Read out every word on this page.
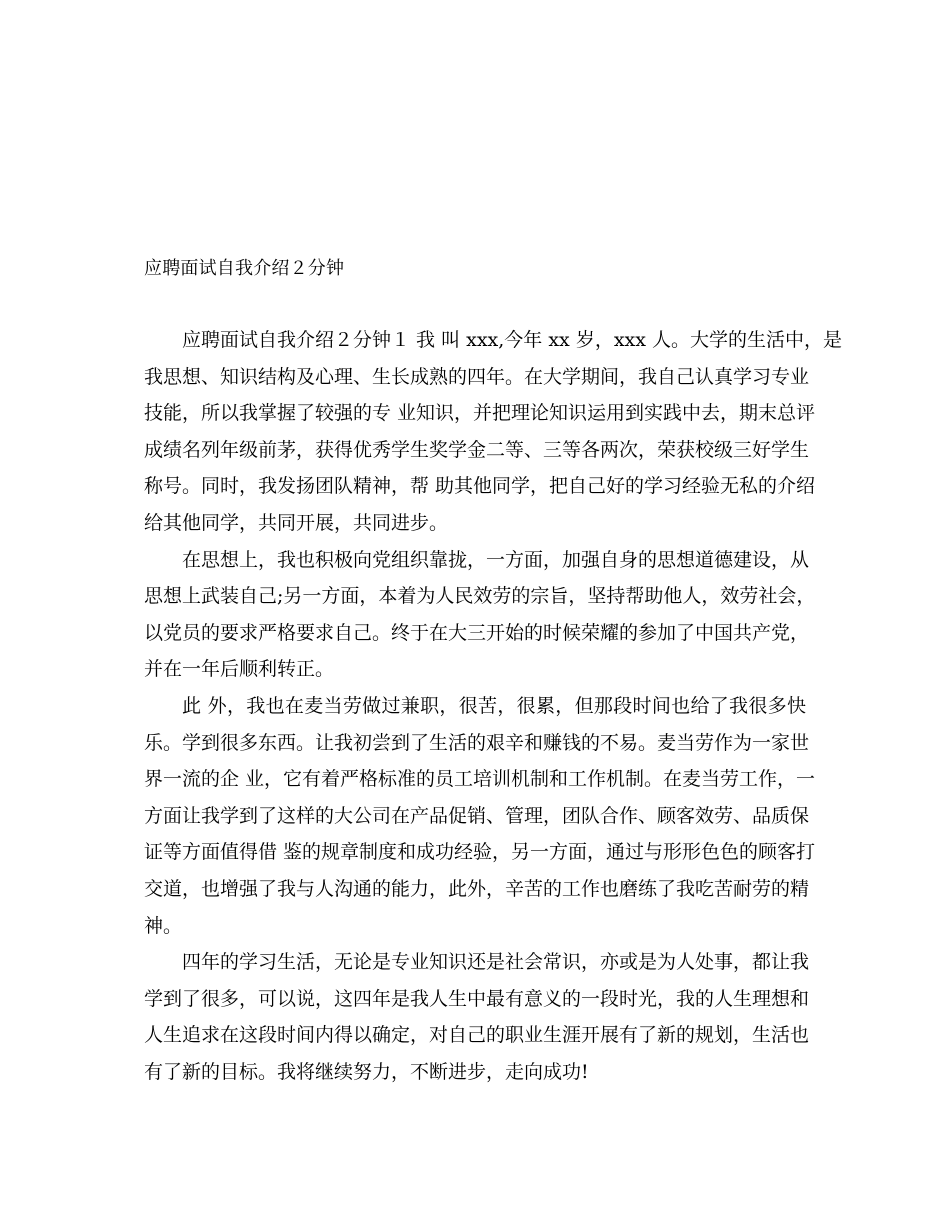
应聘面试自我介绍２分钟
应聘面试自我介绍２分钟１ 我 叫 xxx,今年 xx 岁，xxx 人。大学的生活中，是
我思想、知识结构及心理、生长成熟的四年。在大学期间，我自己认真学习专业
技能，所以我掌握了较强的专 业知识，并把理论知识运用到实践中去，期末总评
成绩名列年级前茅，获得优秀学生奖学金二等、三等各两次，荣获校级三好学生
称号。同时，我发扬团队精神，帮 助其他同学，把自己好的学习经验无私的介绍
给其他同学，共同开展，共同进步。
在思想上，我也积极向党组织靠拢，一方面，加强自身的思想道德建设，从
思想上武装自己;另一方面，本着为人民效劳的宗旨，坚持帮助他人，效劳社会，
以党员的要求严格要求自己。终于在大三开始的时候荣耀的参加了中国共产党，
并在一年后顺利转正。
此 外，我也在麦当劳做过兼职，很苦，很累，但那段时间也给了我很多快
乐。学到很多东西。让我初尝到了生活的艰辛和赚钱的不易。麦当劳作为一家世
界一流的企 业，它有着严格标准的员工培训机制和工作机制。在麦当劳工作，一
方面让我学到了这样的大公司在产品促销、管理，团队合作、顾客效劳、品质保
证等方面值得借 鉴的规章制度和成功经验，另一方面，通过与形形色色的顾客打
交道，也增强了我与人沟通的能力，此外，辛苦的工作也磨练了我吃苦耐劳的精
神。
四年的学习生活，无论是专业知识还是社会常识，亦或是为人处事，都让我
学到了很多，可以说，这四年是我人生中最有意义的一段时光，我的人生理想和
人生追求在这段时间内得以确定，对自己的职业生涯开展有了新的规划，生活也
有了新的目标。我将继续努力，不断进步，走向成功!
